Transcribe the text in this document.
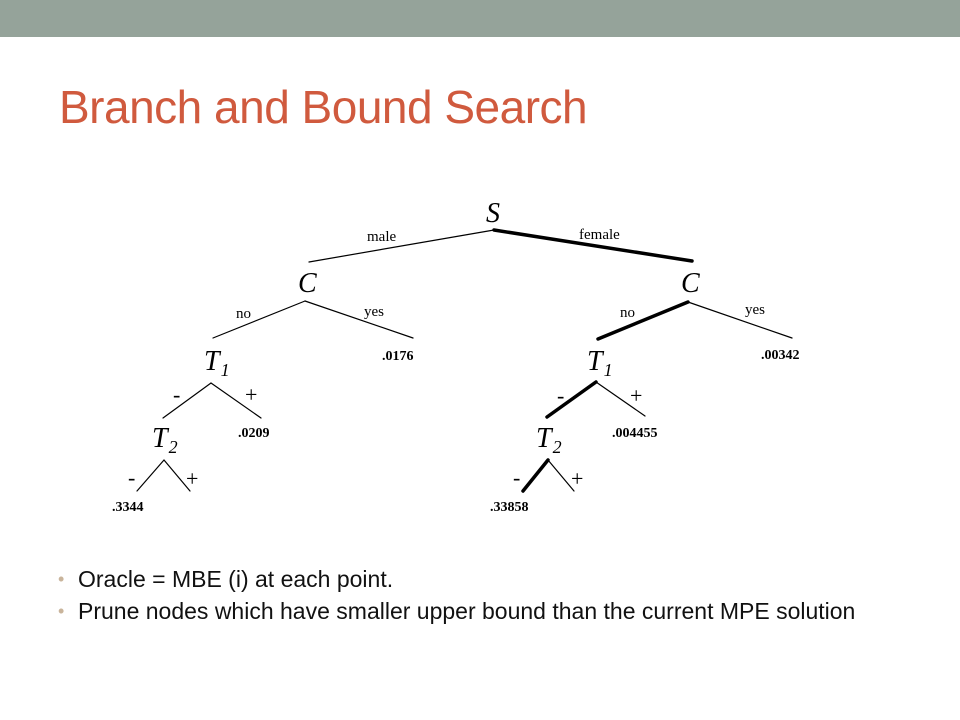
Branch and Bound Search
S
male	female
C
no	yes
.0176
$T_1$
-	+
.0209
$T_2$
- +
.3344
C
no	yes
.00342
$T_1$
-	+
.004455
$T_2$
- +
.33858
• Oracle = MBE (i) at each point.
• Prune nodes which have smaller upper bound than the current MPE solution
